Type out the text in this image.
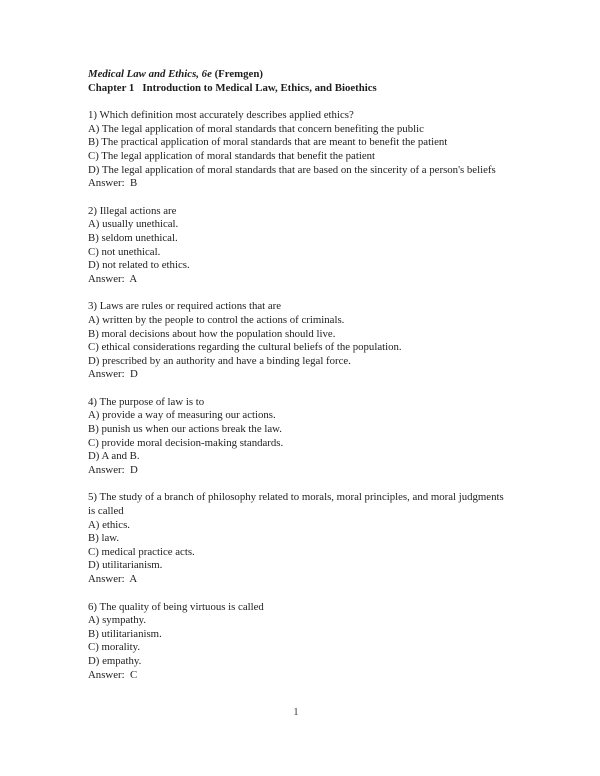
Medical Law and Ethics, 6e (Fremgen)

Chapter 1   Introduction to Medical Law, Ethics, and Bioethics

1) Which definition most accurately describes applied ethics?

A) The legal application of moral standards that concern benefiting the public

B) The practical application of moral standards that are meant to benefit the patient

C) The legal application of moral standards that benefit the patient

D) The legal application of moral standards that are based on the sincerity of a person's beliefs

Answer:  B

2) Illegal actions are

A) usually unethical.

B) seldom unethical.

C) not unethical.

D) not related to ethics.

Answer:  A

3) Laws are rules or required actions that are

A) written by the people to control the actions of criminals.

B) moral decisions about how the population should live.

C) ethical considerations regarding the cultural beliefs of the population.

D) prescribed by an authority and have a binding legal force.

Answer:  D

4) The purpose of law is to

A) provide a way of measuring our actions.

B) punish us when our actions break the law.

C) provide moral decision-making standards.

D) A and B.

Answer:  D

5) The study of a branch of philosophy related to morals, moral principles, and moral judgments is called

A) ethics.

B) law.

C) medical practice acts.

D) utilitarianism.

Answer:  A

6) The quality of being virtuous is called

A) sympathy.

B) utilitarianism.

C) morality.

D) empathy.

Answer:  C

1
